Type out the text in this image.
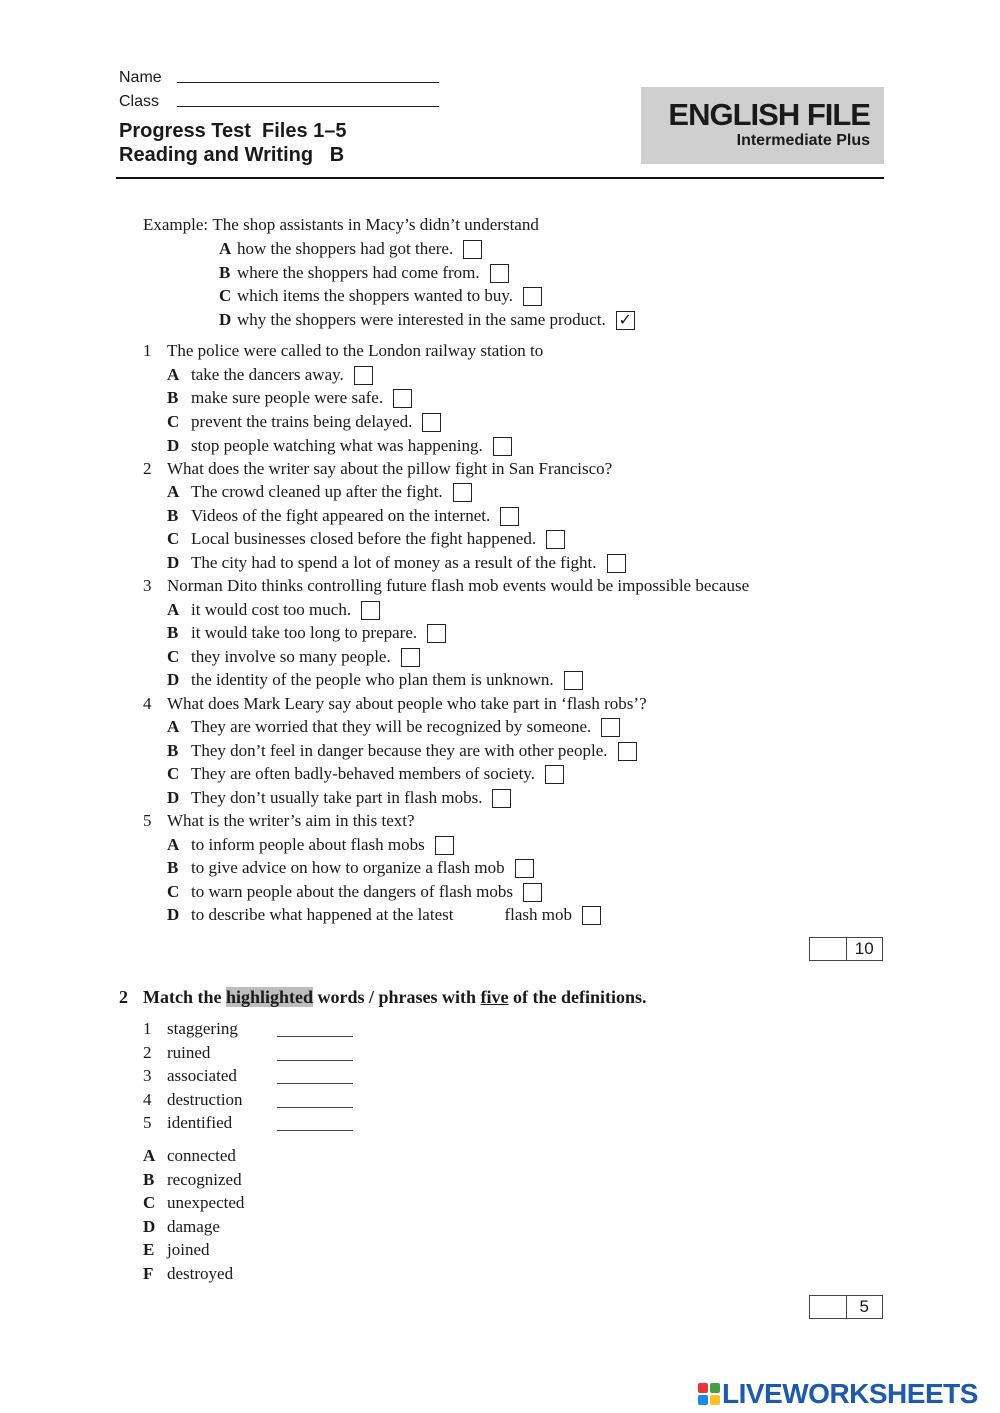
Name
Class
Progress Test  Files 1–5
Reading and Writing   B
ENGLISH FILE
Intermediate Plus
Example:
The shop assistants in Macy’s didn’t understand
A how the shoppers had got there.
B where the shoppers had come from.
C which items the shoppers wanted to buy.
D why the shoppers were interested in the same product. ✓
1 The police were called to the London railway station to
A take the dancers away.
B make sure people were safe.
C prevent the trains being delayed.
D stop people watching what was happening.
2 What does the writer say about the pillow fight in San Francisco?
A The crowd cleaned up after the fight.
B Videos of the fight appeared on the internet.
C Local businesses closed before the fight happened.
D The city had to spend a lot of money as a result of the fight.
3 Norman Dito thinks controlling future flash mob events would be impossible because
A it would cost too much.
B it would take too long to prepare.
C they involve so many people.
D the identity of the people who plan them is unknown.
4 What does Mark Leary say about people who take part in ‘flash robs’?
A They are worried that they will be recognized by someone.
B They don’t feel in danger because they are with other people.
C They are often badly-behaved members of society.
D They don’t usually take part in flash mobs.
5 What is the writer’s aim in this text?
A to inform people about flash mobs
B to give advice on how to organize a flash mob
C to warn people about the dangers of flash mobs
D to describe what happened at the latest            flash mob
10
2 Match the highlighted words / phrases with five of the definitions.
1 staggering
2 ruined
3 associated
4 destruction
5 identified
A connected
B recognized
C unexpected
D damage
E joined
F destroyed
5
LIVEWORKSHEETS
